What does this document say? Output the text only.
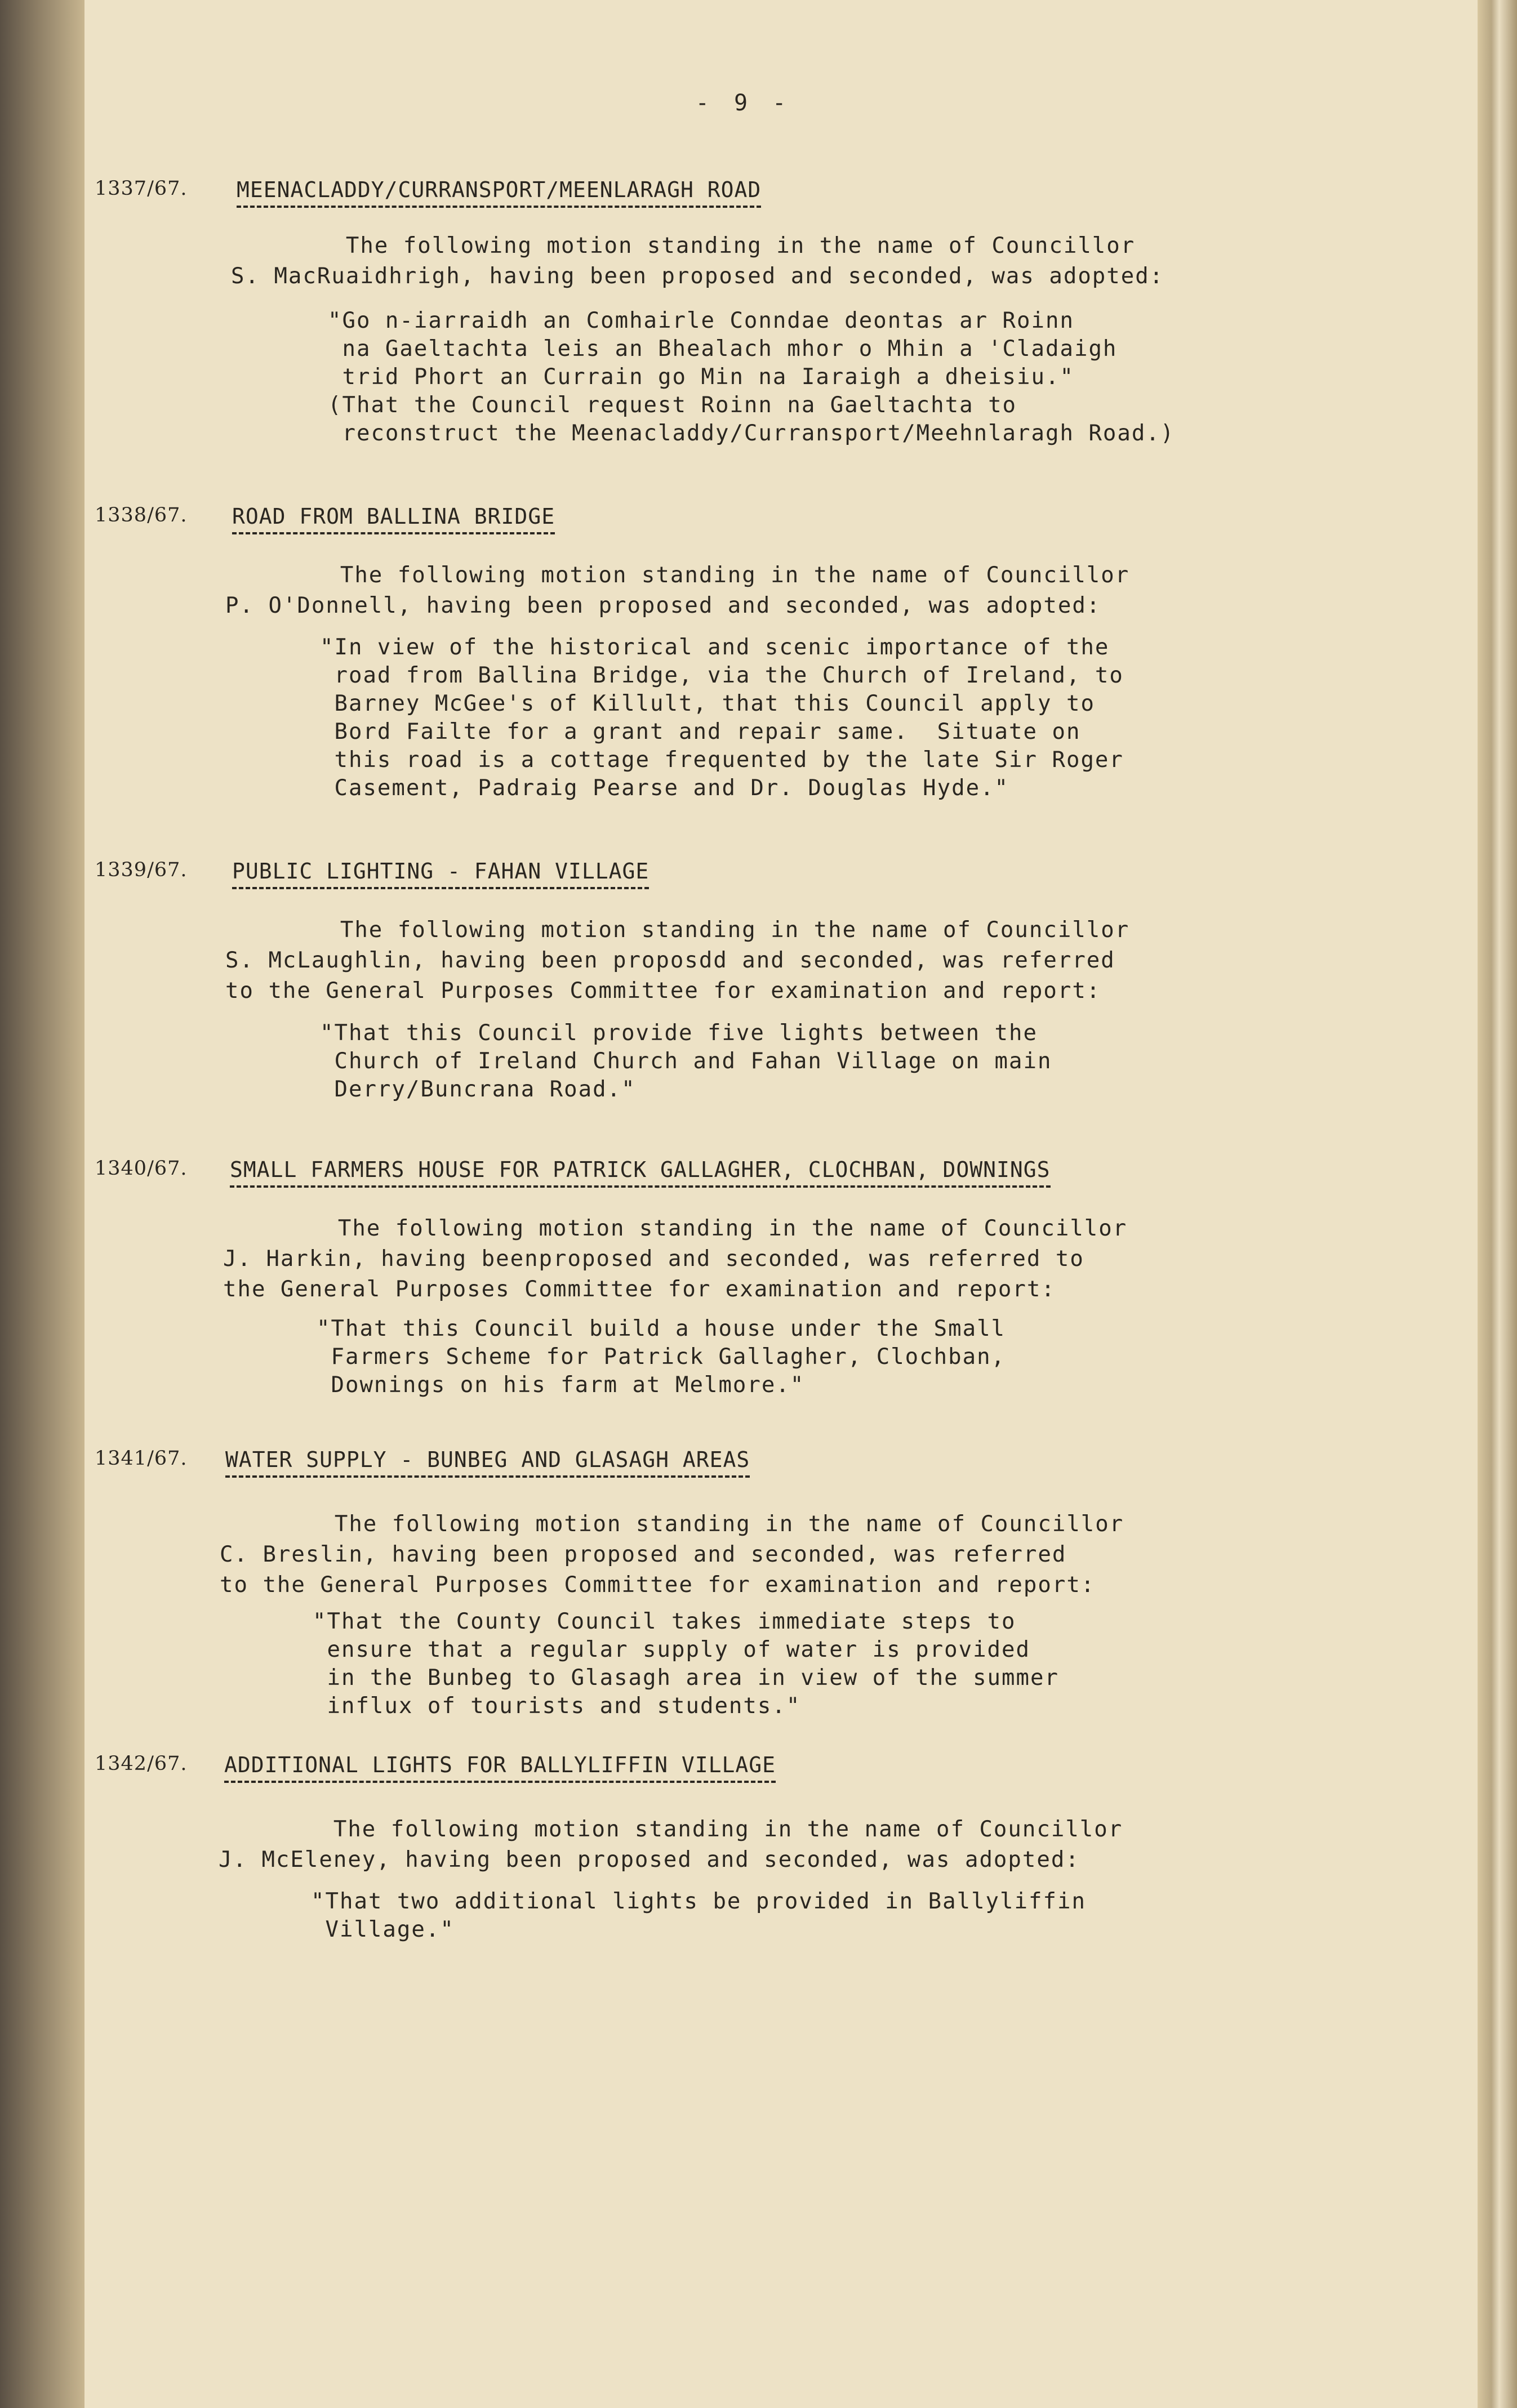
- 9 -
1337/67. MEENACLADDY/CURRANSPORT/MEENLARAGH ROAD
The following motion standing in the name of Councillor
S. MacRuaidhrigh, having been proposed and seconded, was adopted:
"Go n-iarraidh an Comhairle Conndae deontas ar Roinn
na Gaeltachta leis an Bhealach mhor o Mhin a 'Cladaigh
trid Phort an Currain go Min na Iaraigh a dheisiu."
(That the Council request Roinn na Gaeltachta to
reconstruct the Meenacladdy/Curransport/Meehnlaragh Road.)
1338/67. ROAD FROM BALLINA BRIDGE
The following motion standing in the name of Councillor
P. O'Donnell, having been proposed and seconded, was adopted:
"In view of the historical and scenic importance of the
road from Ballina Bridge, via the Church of Ireland, to
Barney McGee's of Killult, that this Council apply to
Bord Failte for a grant and repair same.  Situate on
this road is a cottage frequented by the late Sir Roger
Casement, Padraig Pearse and Dr. Douglas Hyde."
1339/67. PUBLIC LIGHTING - FAHAN VILLAGE
The following motion standing in the name of Councillor
S. McLaughlin, having been proposdd and seconded, was referred
to the General Purposes Committee for examination and report:
"That this Council provide five lights between the
Church of Ireland Church and Fahan Village on main
Derry/Buncrana Road."
1340/67. SMALL FARMERS HOUSE FOR PATRICK GALLAGHER, CLOCHBAN, DOWNINGS
The following motion standing in the name of Councillor
J. Harkin, having beenproposed and seconded, was referred to
the General Purposes Committee for examination and report:
"That this Council build a house under the Small
Farmers Scheme for Patrick Gallagher, Clochban,
Downings on his farm at Melmore."
1341/67. WATER SUPPLY - BUNBEG AND GLASAGH AREAS
The following motion standing in the name of Councillor
C. Breslin, having been proposed and seconded, was referred
to the General Purposes Committee for examination and report:
"That the County Council takes immediate steps to
ensure that a regular supply of water is provided
in the Bunbeg to Glasagh area in view of the summer
influx of tourists and students."
1342/67. ADDITIONAL LIGHTS FOR BALLYLIFFIN VILLAGE
The following motion standing in the name of Councillor
J. McEleney, having been proposed and seconded, was adopted:
"That two additional lights be provided in Ballyliffin
Village."
